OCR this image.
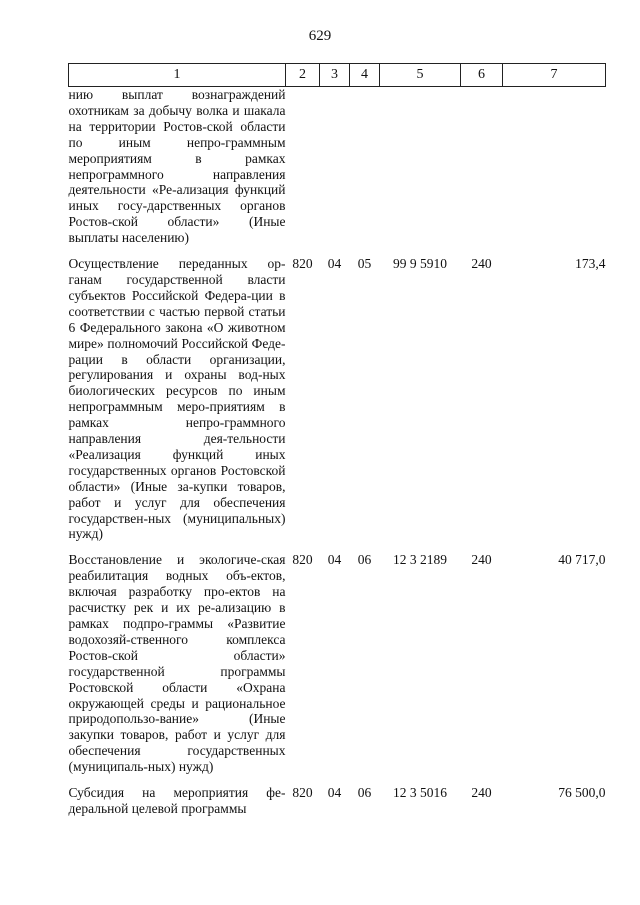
629
1	2	3	4	5	6	7
нию выплат вознаграждений охотникам за добычу волка и шакала на территории Ростов-ской области по иным непро-граммным мероприятиям в рамках непрограммного направления деятельности «Ре-ализация функций иных госу-дарственных органов Ростов-ской области» (Иные выплаты населению)						
Осуществление переданных ор-ганам государственной власти субъектов Российской Федера-ции в соответствии с частью первой статьи 6 Федерального закона «О животном мире» полномочий Российской Феде-рации в области организации, регулирования и охраны вод-ных биологических ресурсов по иным непрограммным меро-приятиям в рамках непро-граммного направления дея-тельности «Реализация функций иных государственных органов Ростовской области» (Иные за-купки товаров, работ и услуг для обеспечения государствен-ных (муниципальных) нужд)	820	04	05	99 9 5910	240	173,4
Восстановление и экологиче-ская реабилитация водных объ-ектов, включая разработку про-ектов на расчистку рек и их ре-ализацию в рамках подпро-граммы «Развитие водохозяй-ственного комплекса Ростов-ской области» государственной программы Ростовской области «Охрана окружающей среды и рациональное природопользо-вание» (Иные закупки товаров, работ и услуг для обеспечения государственных (муниципаль-ных) нужд)	820	04	06	12 3 2189	240	40 717,0
Субсидия на мероприятия фе-деральной целевой программы	820	04	06	12 3 5016	240	76 500,0
